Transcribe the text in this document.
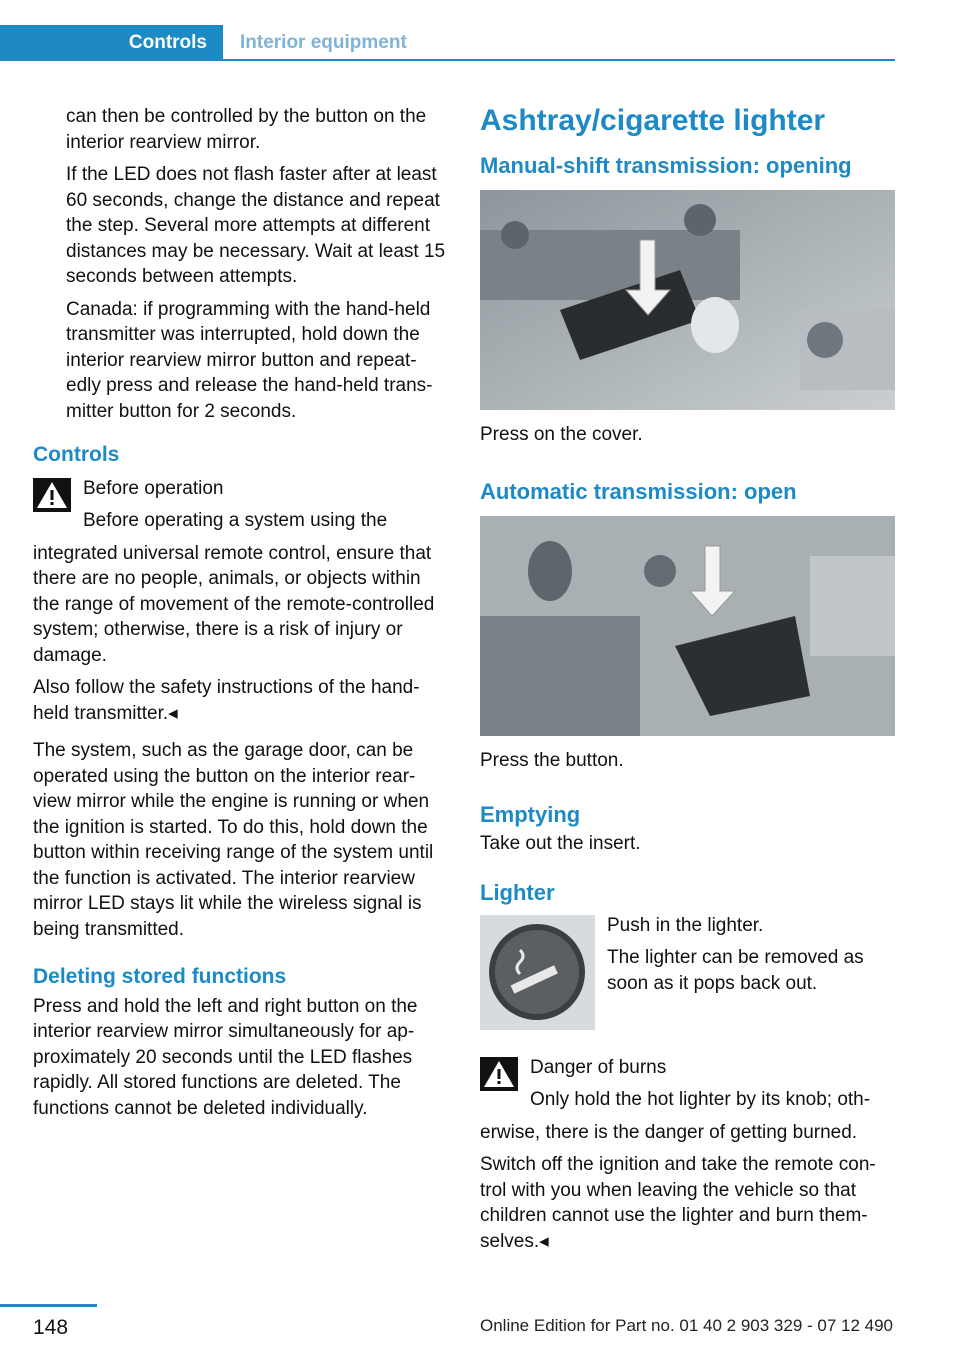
Controls	Interior equipment

can then be controlled by the button on the interior rearview mirror.

If the LED does not flash faster after at least 60 seconds, change the distance and repeat the step. Several more attempts at different distances may be necessary. Wait at least 15 seconds between attempts.

Canada: if programming with the hand-held transmitter was interrupted, hold down the interior rearview mirror button and repeat-edly press and release the hand-held trans-mitter button for 2 seconds.

Controls

Before operation

Before operating a system using the

integrated universal remote control, ensure that there are no people, animals, or objects within the range of movement of the remote-controlled system; otherwise, there is a risk of injury or damage.

Also follow the safety instructions of the hand-held transmitter.◂

The system, such as the garage door, can be operated using the button on the interior rear-view mirror while the engine is running or when the ignition is started. To do this, hold down the button within receiving range of the system until the function is activated. The interior rearview mirror LED stays lit while the wireless signal is being transmitted.

Deleting stored functions

Press and hold the left and right button on the interior rearview mirror simultaneously for ap-proximately 20 seconds until the LED flashes rapidly. All stored functions are deleted. The functions cannot be deleted individually.

Ashtray/cigarette lighter
Manual-shift transmission: opening

Press on the cover.

Automatic transmission: open

Press the button.

Emptying

Take out the insert.

Lighter

Push in the lighter.

The lighter can be removed as soon as it pops back out.

Danger of burns

Only hold the hot lighter by its knob; oth-

erwise, there is the danger of getting burned.

Switch off the ignition and take the remote con-trol with you when leaving the vehicle so that children cannot use the lighter and burn them-selves.◂

148	Online Edition for Part no. 01 40 2 903 329 - 07 12 490
